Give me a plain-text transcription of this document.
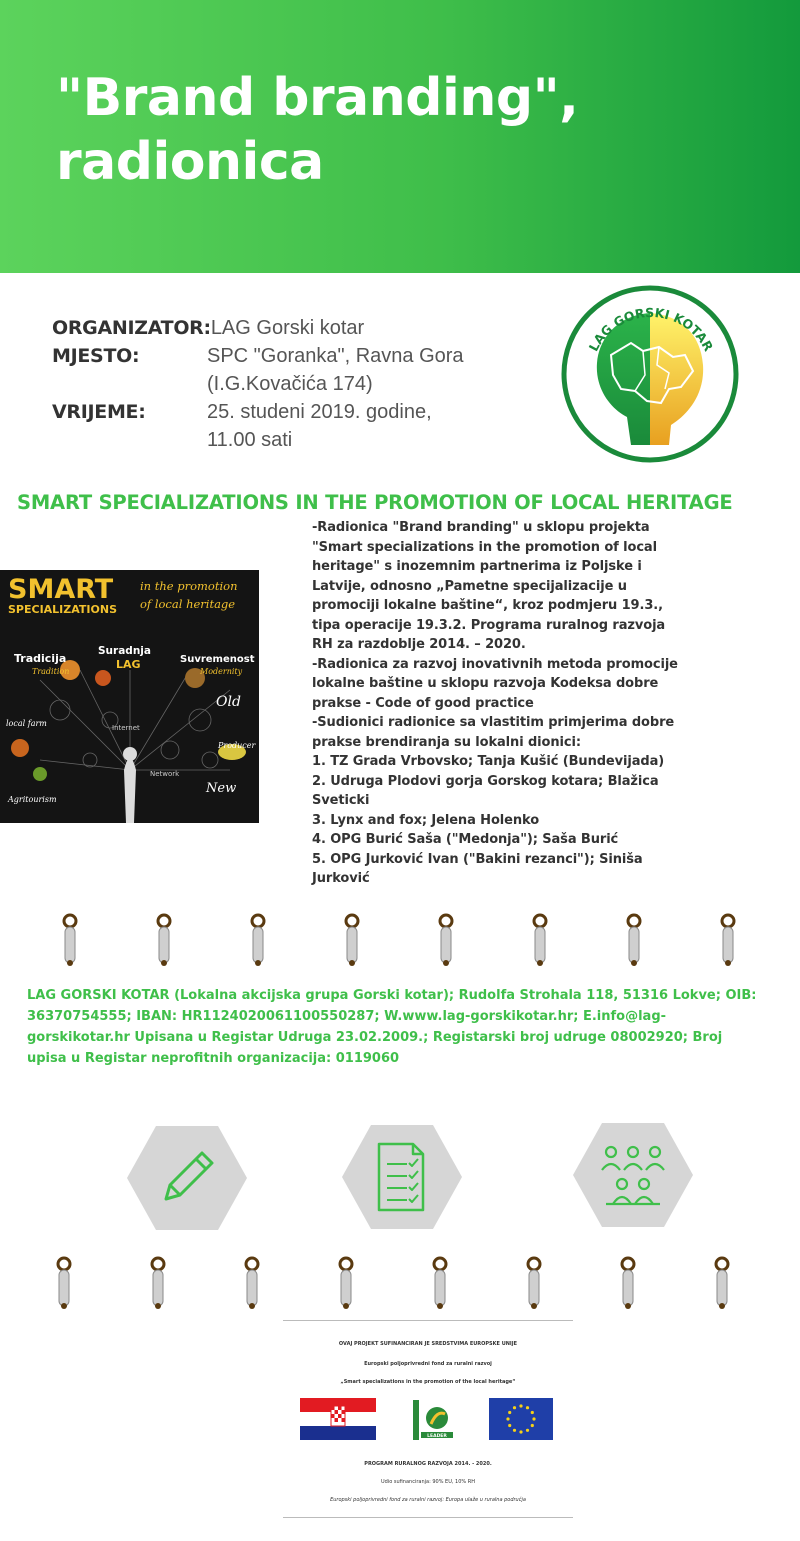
"Brand branding", radionica
ORGANIZATOR: LAG Gorski kotar
MJESTO:	SPC "Goranka", Ravna Gora
(I.G.Kovačića 174)
VRIJEME:	25. studeni 2019. godine,
11.00 sati
LAG GORSKI KOTAR
SMART SPECIALIZATIONS IN THE PROMOTION OF LOCAL HERITAGE
SMART
SPECIALIZATIONS
in the promotion
of local heritage
Tradicija
Suradnja
LAG	Suvremenost
Tradition	Modernity
Old
New
local farm
Producer
Agritourism
Internet
Network

-Radionica "Brand branding" u sklopu projekta "Smart specializations in the promotion of local heritage" s inozemnim partnerima iz Poljske i Latvije, odnosno „Pametne specijalizacije u promociji lokalne baštine“, kroz podmjeru 19.3., tipa operacije 19.3.2. Programa ruralnog razvoja RH za razdoblje 2014. – 2020.

-Radionica za razvoj inovativnih metoda promocije lokalne baštine u sklopu razvoja Kodeksa dobre prakse - Code of good practice

-Sudionici radionice sa vlastitim primjerima dobre prakse brendiranja su lokalni dionici:

1. TZ Grada Vrbovsko; Tanja Kušić (Bundevijada)

2. Udruga Plodovi gorja Gorskog kotara; Blažica Sveticki

3. Lynx and fox; Jelena Holenko

4. OPG Burić Saša ("Medonja"); Saša Burić

5. OPG Jurković Ivan ("Bakini rezanci"); Siniša Jurković

LAG GORSKI KOTAR (Lokalna akcijska grupa Gorski kotar); Rudolfa Strohala 118, 51316 Lokve; OIB: 36370754555; IBAN: HR1124020061100550287; W.www.lag-gorskikotar.hr; E.info@lag-gorskikotar.hr Upisana u Registar Udruga 23.02.2009.; Registarski broj udruge 08002920; Broj upisa u Registar neprofitnih organizacija: 0119060
OVAJ PROJEKT SUFINANCIRAN JE SREDSTVIMA EUROPSKE UNIJE
Europski poljoprivredni fond za ruralni razvoj
„Smart specializations in the promotion of the local heritage“
LEADER
PROGRAM RURALNOG RAZVOJA 2014. - 2020.
Udio sufinanciranja: 90% EU, 10% RH
Europski poljoprivredni fond za ruralni razvoj: Europa ulaže u ruralna područja
